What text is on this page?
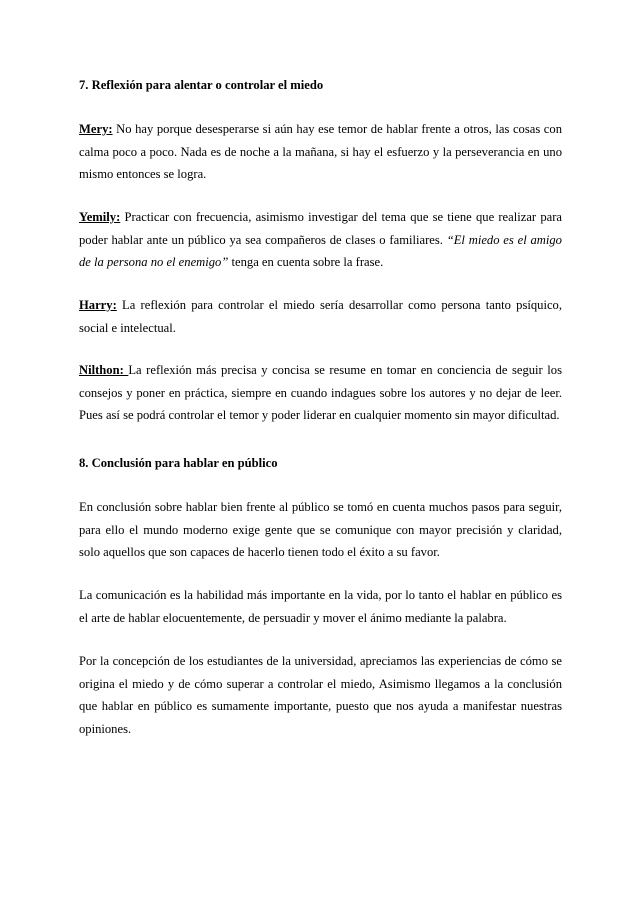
7. Reflexión para alentar o controlar el miedo

Mery: No hay porque desesperarse si aún hay ese temor de hablar frente a otros, las cosas con calma poco a poco. Nada es de noche a la mañana, si hay el esfuerzo y la perseverancia en uno mismo entonces se logra.

Yemily: Practicar con frecuencia, asimismo investigar del tema que se tiene que realizar para poder hablar ante un público ya sea compañeros de clases o familiares. “El miedo es el amigo de la persona no el enemigo” tenga en cuenta sobre la frase.

Harry: La reflexión para controlar el miedo sería desarrollar como persona tanto psíquico, social e intelectual.

Nilthon: La reflexión más precisa y concisa se resume en tomar en conciencia de seguir los consejos y poner en práctica, siempre en cuando indagues sobre los autores y no dejar de leer. Pues así se podrá controlar el temor y poder liderar en cualquier momento sin mayor dificultad.

8. Conclusión para hablar en público

En conclusión sobre hablar bien frente al público se tomó en cuenta muchos pasos para seguir, para ello el mundo moderno exige gente que se comunique con mayor precisión y claridad, solo aquellos que son capaces de hacerlo tienen todo el éxito a su favor.

La comunicación es la habilidad más importante en la vida, por lo tanto el hablar en público es el arte de hablar elocuentemente, de persuadir y mover el ánimo mediante la palabra.

Por la concepción de los estudiantes de la universidad, apreciamos las experiencias de cómo se origina el miedo y de cómo superar a controlar el miedo, Asimismo llegamos a la conclusión que hablar en público es sumamente importante, puesto que nos ayuda a manifestar nuestras opiniones.
